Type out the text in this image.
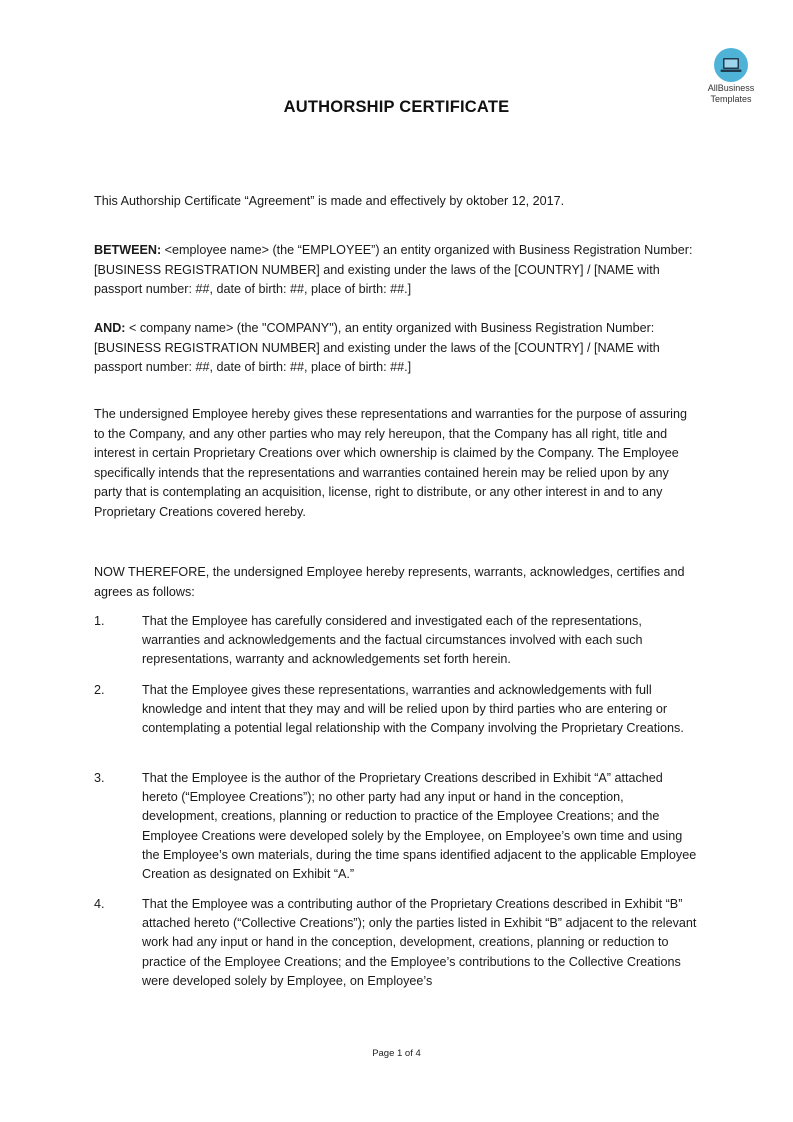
AllBusiness
Templates
AUTHORSHIP CERTIFICATE

This Authorship Certificate “Agreement” is made and effectively by oktober 12, 2017.

BETWEEN: <employee name> (the “EMPLOYEE”) an entity organized with Business Registration Number: [BUSINESS REGISTRATION NUMBER] and existing under the laws of the [COUNTRY] / [NAME with passport number: ##, date of birth: ##, place of birth: ##.]

AND: < company name> (the "COMPANY"), an entity organized with Business Registration Number: [BUSINESS REGISTRATION NUMBER] and existing under the laws of the [COUNTRY] / [NAME with passport number: ##, date of birth: ##, place of birth: ##.]

The undersigned Employee hereby gives these representations and warranties for the purpose of assuring to the Company, and any other parties who may rely hereupon, that the Company has all right, title and interest in certain Proprietary Creations over which ownership is claimed by the Company. The Employee specifically intends that the representations and warranties contained herein may be relied upon by any party that is contemplating an acquisition, license, right to distribute, or any other interest in and to any Proprietary Creations covered hereby.

NOW THEREFORE, the undersigned Employee hereby represents, warrants, acknowledges, certifies and agrees as follows:

1.	That the Employee has carefully considered and investigated each of the representations, warranties and acknowledgements and the factual circumstances involved with each such representations, warranty and acknowledgements set forth herein.

2.	That the Employee gives these representations, warranties and acknowledgements with full knowledge and intent that they may and will be relied upon by third parties who are entering or contemplating a potential legal relationship with the Company involving the Proprietary Creations.

3.	That the Employee is the author of the Proprietary Creations described in Exhibit “A” attached hereto (“Employee Creations”); no other party had any input or hand in the conception, development, creations, planning or reduction to practice of the Employee Creations; and the Employee Creations were developed solely by the Employee, on Employee’s own time and using the Employee’s own materials, during the time spans identified adjacent to the applicable Employee Creation as designated on Exhibit “A.”

4.	That the Employee was a contributing author of the Proprietary Creations described in Exhibit “B” attached hereto (“Collective Creations”); only the parties listed in Exhibit “B” adjacent to the relevant work had any input or hand in the conception, development, creations, planning or reduction to practice of the Employee Creations; and the Employee’s contributions to the Collective Creations were developed solely by Employee, on Employee’s

Page 1 of 4
